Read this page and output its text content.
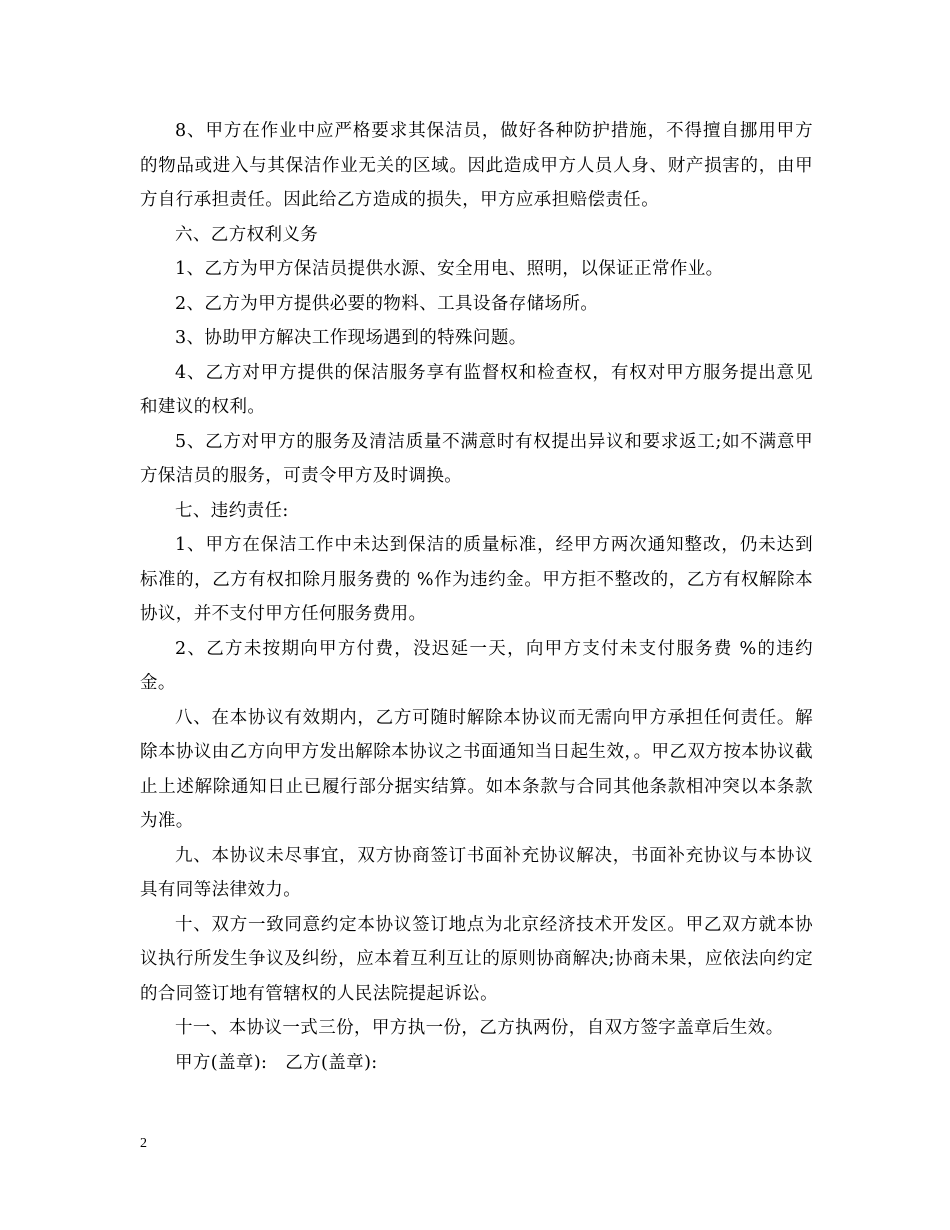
8、甲方在作业中应严格要求其保洁员，做好各种防护措施，不得擅自挪用甲方的物品或进入与其保洁作业无关的区域。因此造成甲方人员人身、财产损害的，由甲方自行承担责任。因此给乙方造成的损失，甲方应承担赔偿责任。

六、乙方权利义务

1、乙方为甲方保洁员提供水源、安全用电、照明，以保证正常作业。

2、乙方为甲方提供必要的物料、工具设备存储场所。

3、协助甲方解决工作现场遇到的特殊问题。

4、乙方对甲方提供的保洁服务享有监督权和检查权，有权对甲方服务提出意见和建议的权利。

5、乙方对甲方的服务及清洁质量不满意时有权提出异议和要求返工;如不满意甲方保洁员的服务，可责令甲方及时调换。

七、违约责任:

1、甲方在保洁工作中未达到保洁的质量标准，经甲方两次通知整改，仍未达到标准的，乙方有权扣除月服务费的 %作为违约金。甲方拒不整改的，乙方有权解除本协议，并不支付甲方任何服务费用。

2、乙方未按期向甲方付费，没迟延一天，向甲方支付未支付服务费 %的违约金。

八、在本协议有效期内，乙方可随时解除本协议而无需向甲方承担任何责任。解除本协议由乙方向甲方发出解除本协议之书面通知当日起生效，。甲乙双方按本协议截止上述解除通知日止已履行部分据实结算。如本条款与合同其他条款相冲突以本条款为准。

九、本协议未尽事宜，双方协商签订书面补充协议解决，书面补充协议与本协议具有同等法律效力。

十、双方一致同意约定本协议签订地点为北京经济技术开发区。甲乙双方就本协议执行所发生争议及纠纷，应本着互利互让的原则协商解决;协商未果，应依法向约定的合同签订地有管辖权的人民法院提起诉讼。

十一、本协议一式三份，甲方执一份，乙方执两份，自双方签字盖章后生效。

甲方(盖章):　乙方(盖章):

2
